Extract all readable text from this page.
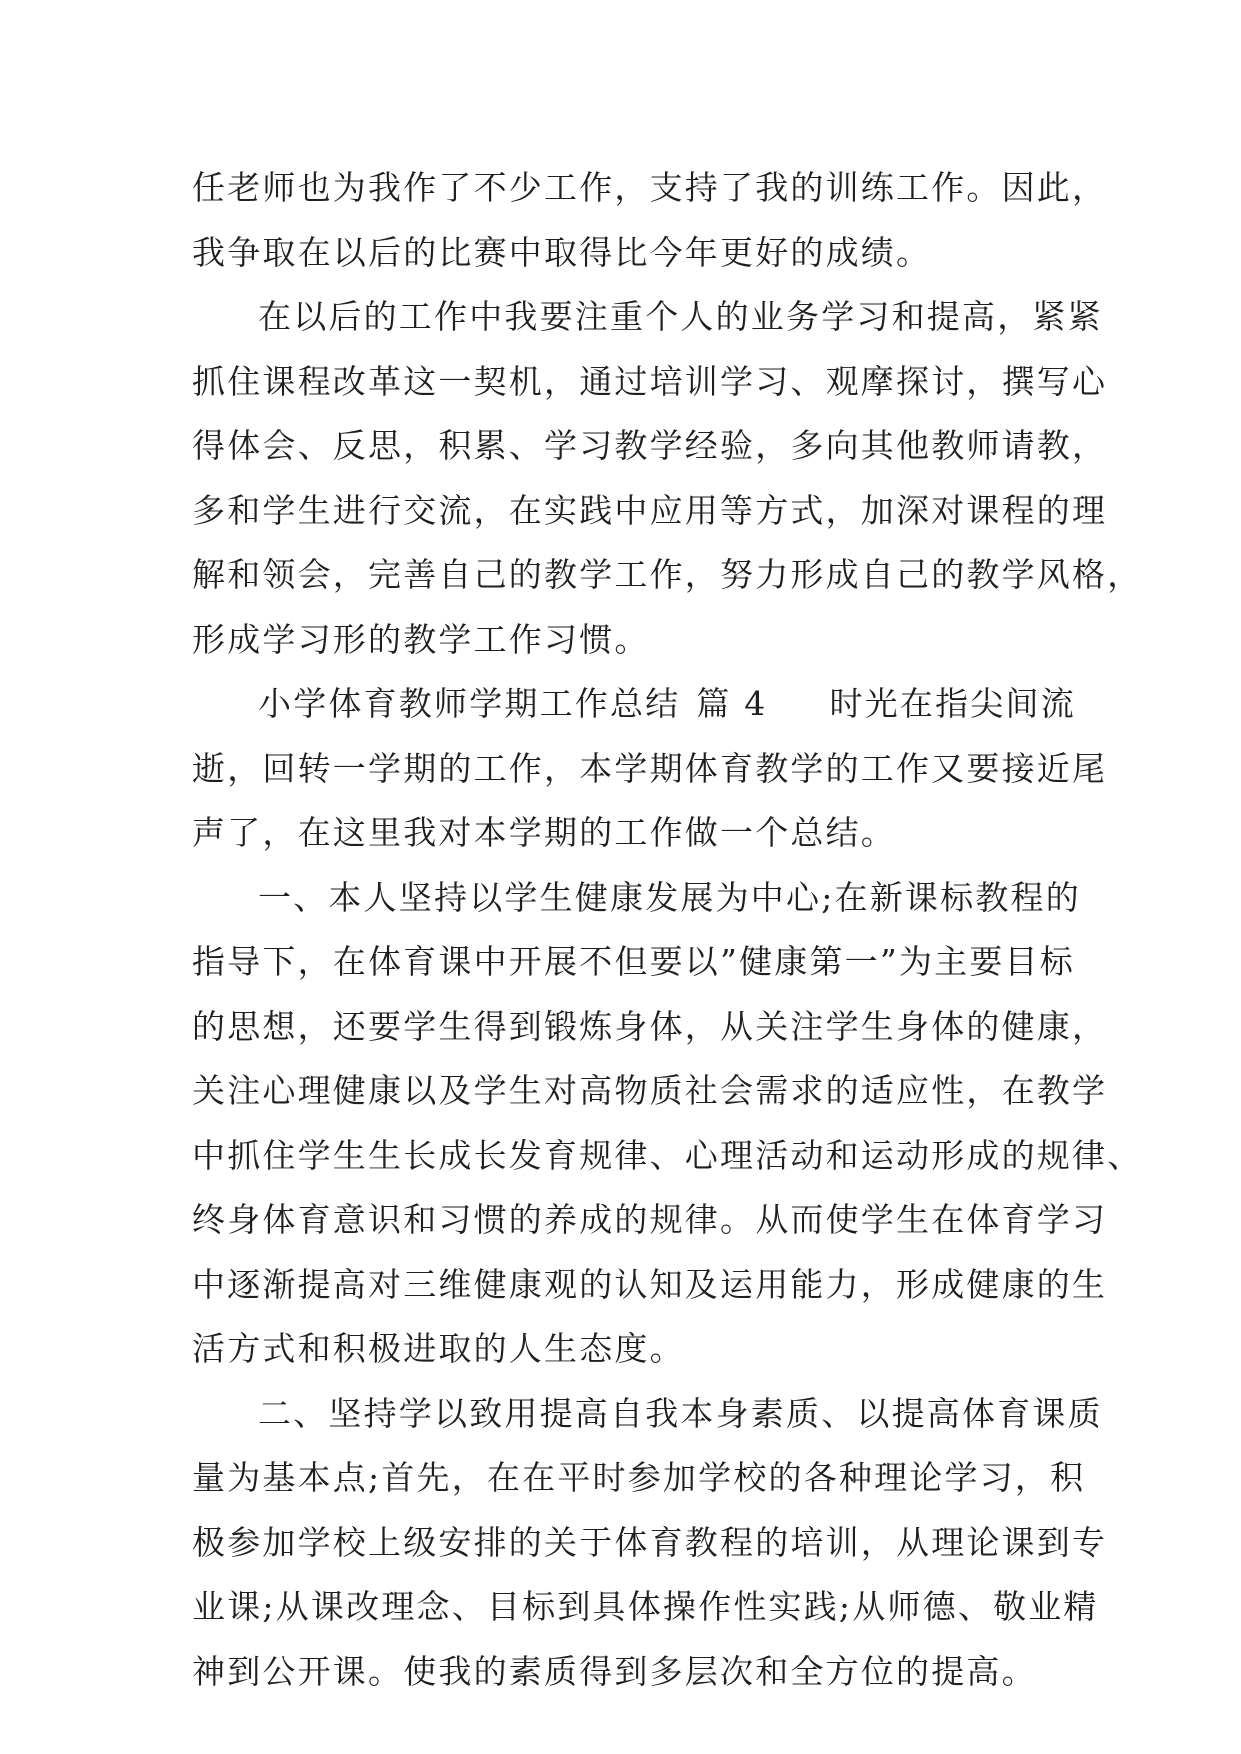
任老师也为我作了不少工作，支持了我的训练工作。因此，
我争取在以后的比赛中取得比今年更好的成绩。
在以后的工作中我要注重个人的业务学习和提高，紧紧
抓住课程改革这一契机，通过培训学习、观摩探讨，撰写心
得体会、反思，积累、学习教学经验，多向其他教师请教，
多和学生进行交流，在实践中应用等方式，加深对课程的理
解和领会，完善自己的教学工作，努力形成自己的教学风格，
形成学习形的教学工作习惯。
小学体育教师学期工作总结 篇 4 时光在指尖间流
逝，回转一学期的工作，本学期体育教学的工作又要接近尾
声了，在这里我对本学期的工作做一个总结。
一、本人坚持以学生健康发展为中心;在新课标教程的
指导下，在体育课中开展不但要以”健康第一”为主要目标
的思想，还要学生得到锻炼身体，从关注学生身体的健康，
关注心理健康以及学生对高物质社会需求的适应性，在教学
中抓住学生生长成长发育规律、心理活动和运动形成的规律、
终身体育意识和习惯的养成的规律。从而使学生在体育学习
中逐渐提高对三维健康观的认知及运用能力，形成健康的生
活方式和积极进取的人生态度。
二、坚持学以致用提高自我本身素质、以提高体育课质
量为基本点;首先，在在平时参加学校的各种理论学习，积
极参加学校上级安排的关于体育教程的培训，从理论课到专
业课;从课改理念、目标到具体操作性实践;从师德、敬业精
神到公开课。使我的素质得到多层次和全方位的提高。
